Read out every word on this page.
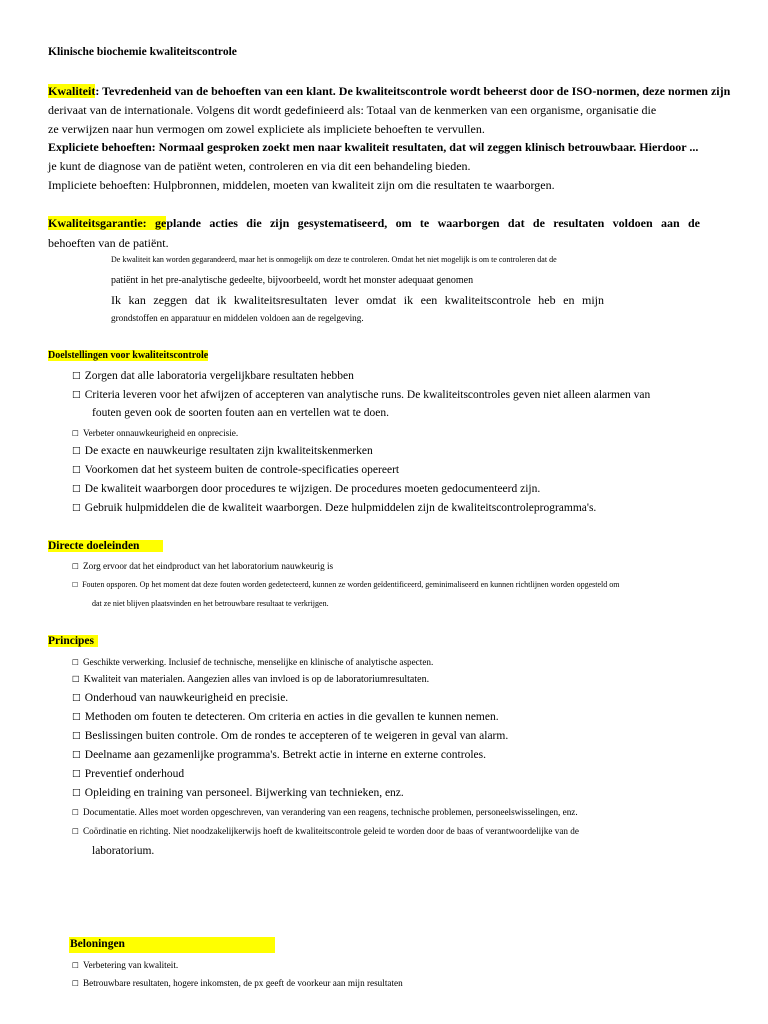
Klinische biochemie kwaliteitscontrole
Kwaliteit: Tevredenheid van de behoeften van een klant. De kwaliteitscontrole wordt beheerst door de ISO-normen, deze normen zijn
derivaat van de internationale. Volgens dit wordt gedefinieerd als: Totaal van de kenmerken van een organisme, organisatie die
ze verwijzen naar hun vermogen om zowel expliciete als impliciete behoeften te vervullen.
Expliciete behoeften: Normaal gesproken zoekt men naar kwaliteit resultaten, dat wil zeggen klinisch betrouwbaar. Hierdoor ...
je kunt de diagnose van de patiënt weten, controleren en via dit een behandeling bieden.
Impliciete behoeften: Hulpbronnen, middelen, moeten van kwaliteit zijn om die resultaten te waarborgen.
Kwaliteitsgarantie: geplande acties die zijn gesystematiseerd, om te waarborgen dat de resultaten voldoen aan de
behoeften van de patiënt.
De kwaliteit kan worden gegarandeerd, maar het is onmogelijk om deze te controleren. Omdat het niet mogelijk is om te controleren dat de
patiënt in het pre-analytische gedeelte, bijvoorbeeld, wordt het monster adequaat genomen
Ik kan zeggen dat ik kwaliteitsresultaten lever omdat ik een kwaliteitscontrole heb en mijn
grondstoffen en apparatuur en middelen voldoen aan de regelgeving.
Doelstellingen voor kwaliteitscontrole
☐ Zorgen dat alle laboratoria vergelijkbare resultaten hebben
☐ Criteria leveren voor het afwijzen of accepteren van analytische runs. De kwaliteitscontroles geven niet alleen alarmen van
fouten geven ook de soorten fouten aan en vertellen wat te doen.
☐ Verbeter onnauwkeurigheid en onprecisie.
☐ De exacte en nauwkeurige resultaten zijn kwaliteitskenmerken
☐ Voorkomen dat het systeem buiten de controle-specificaties opereert
☐ De kwaliteit waarborgen door procedures te wijzigen. De procedures moeten gedocumenteerd zijn.
☐ Gebruik hulpmiddelen die de kwaliteit waarborgen. Deze hulpmiddelen zijn de kwaliteitscontroleprogramma's.
Directe doeleinden
☐ Zorg ervoor dat het eindproduct van het laboratorium nauwkeurig is
☐ Fouten opsporen. Op het moment dat deze fouten worden gedetecteerd, kunnen ze worden geïdentificeerd, geminimaliseerd en kunnen richtlijnen worden opgesteld om
dat ze niet blijven plaatsvinden en het betrouwbare resultaat te verkrijgen.
Principes
☐ Geschikte verwerking. Inclusief de technische, menselijke en klinische of analytische aspecten.
☐ Kwaliteit van materialen. Aangezien alles van invloed is op de laboratoriumresultaten.
☐ Onderhoud van nauwkeurigheid en precisie.
☐ Methoden om fouten te detecteren. Om criteria en acties in die gevallen te kunnen nemen.
☐ Beslissingen buiten controle. Om de rondes te accepteren of te weigeren in geval van alarm.
☐ Deelname aan gezamenlijke programma's. Betrekt actie in interne en externe controles.
☐ Preventief onderhoud
☐ Opleiding en training van personeel. Bijwerking van technieken, enz.
☐ Documentatie. Alles moet worden opgeschreven, van verandering van een reagens, technische problemen, personeelswisselingen, enz.
☐ Coördinatie en richting. Niet noodzakelijkerwijs hoeft de kwaliteitscontrole geleid te worden door de baas of verantwoordelijke van de
laboratorium.
Beloningen
☐ Verbetering van kwaliteit.
☐ Betrouwbare resultaten, hogere inkomsten, de px geeft de voorkeur aan mijn resultaten
